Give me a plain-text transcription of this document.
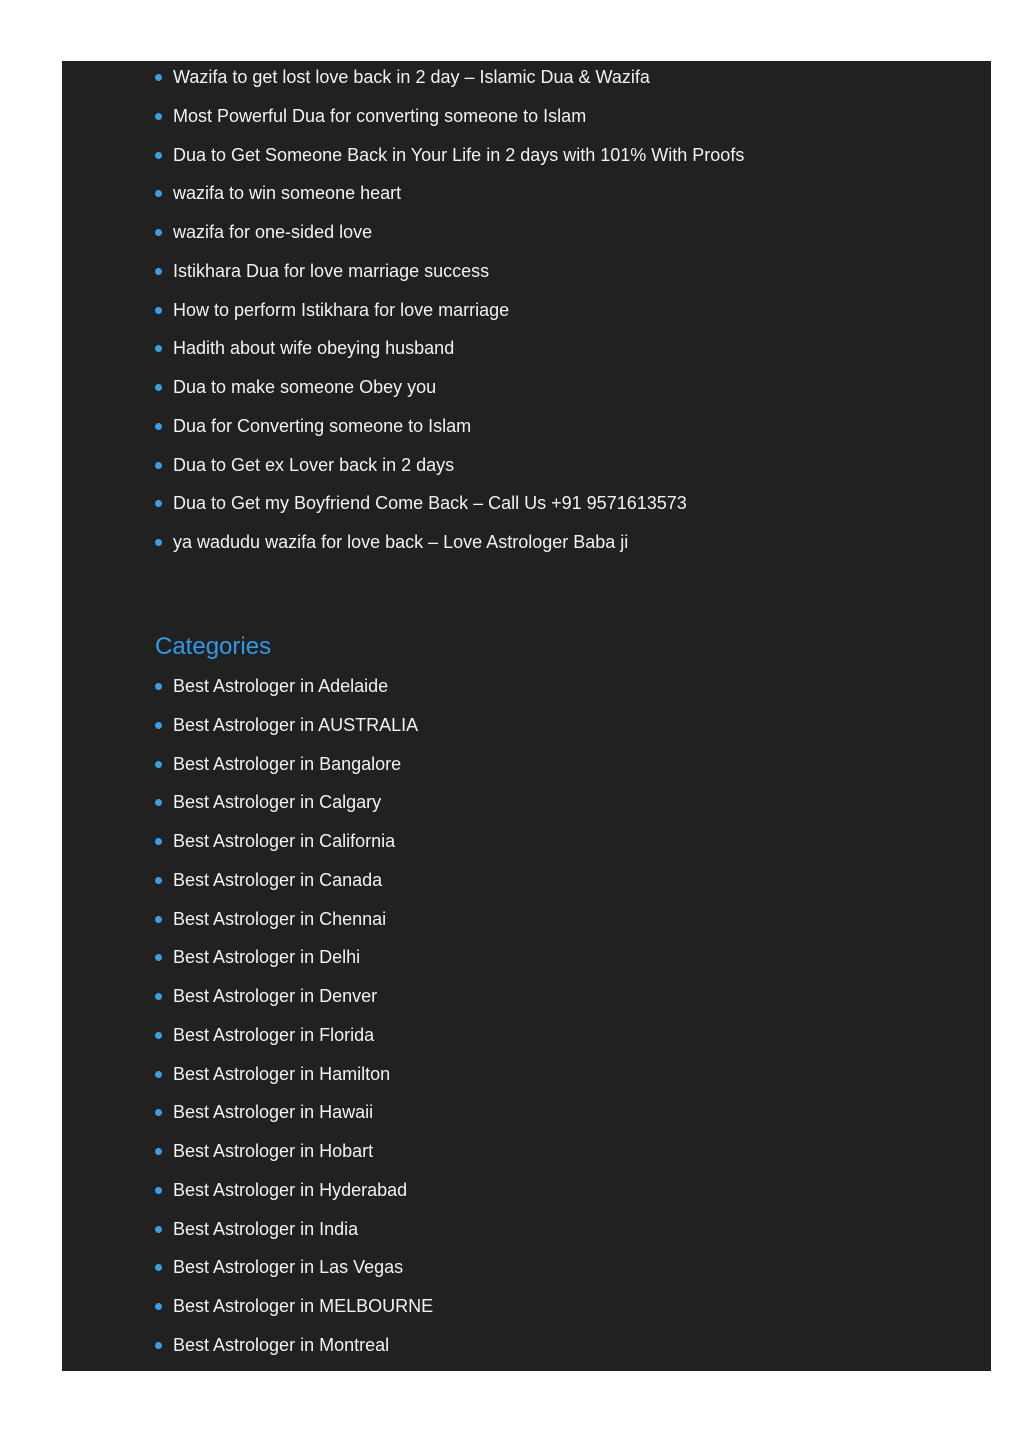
Wazifa to get lost love back in 2 day – Islamic Dua & Wazifa
Most Powerful Dua for converting someone to Islam
Dua to Get Someone Back in Your Life in 2 days with 101% With Proofs
wazifa to win someone heart
wazifa for one-sided love
Istikhara Dua for love marriage success
How to perform Istikhara for love marriage
Hadith about wife obeying husband
Dua to make someone Obey you
Dua for Converting someone to Islam
Dua to Get ex Lover back in 2 days
Dua to Get my Boyfriend Come Back – Call Us +91 9571613573
ya wadudu wazifa for love back – Love Astrologer Baba ji
Categories
Best Astrologer in Adelaide
Best Astrologer in AUSTRALIA
Best Astrologer in Bangalore
Best Astrologer in Calgary
Best Astrologer in California
Best Astrologer in Canada
Best Astrologer in Chennai
Best Astrologer in Delhi
Best Astrologer in Denver
Best Astrologer in Florida
Best Astrologer in Hamilton
Best Astrologer in Hawaii
Best Astrologer in Hobart
Best Astrologer in Hyderabad
Best Astrologer in India
Best Astrologer in Las Vegas
Best Astrologer in MELBOURNE
Best Astrologer in Montreal
